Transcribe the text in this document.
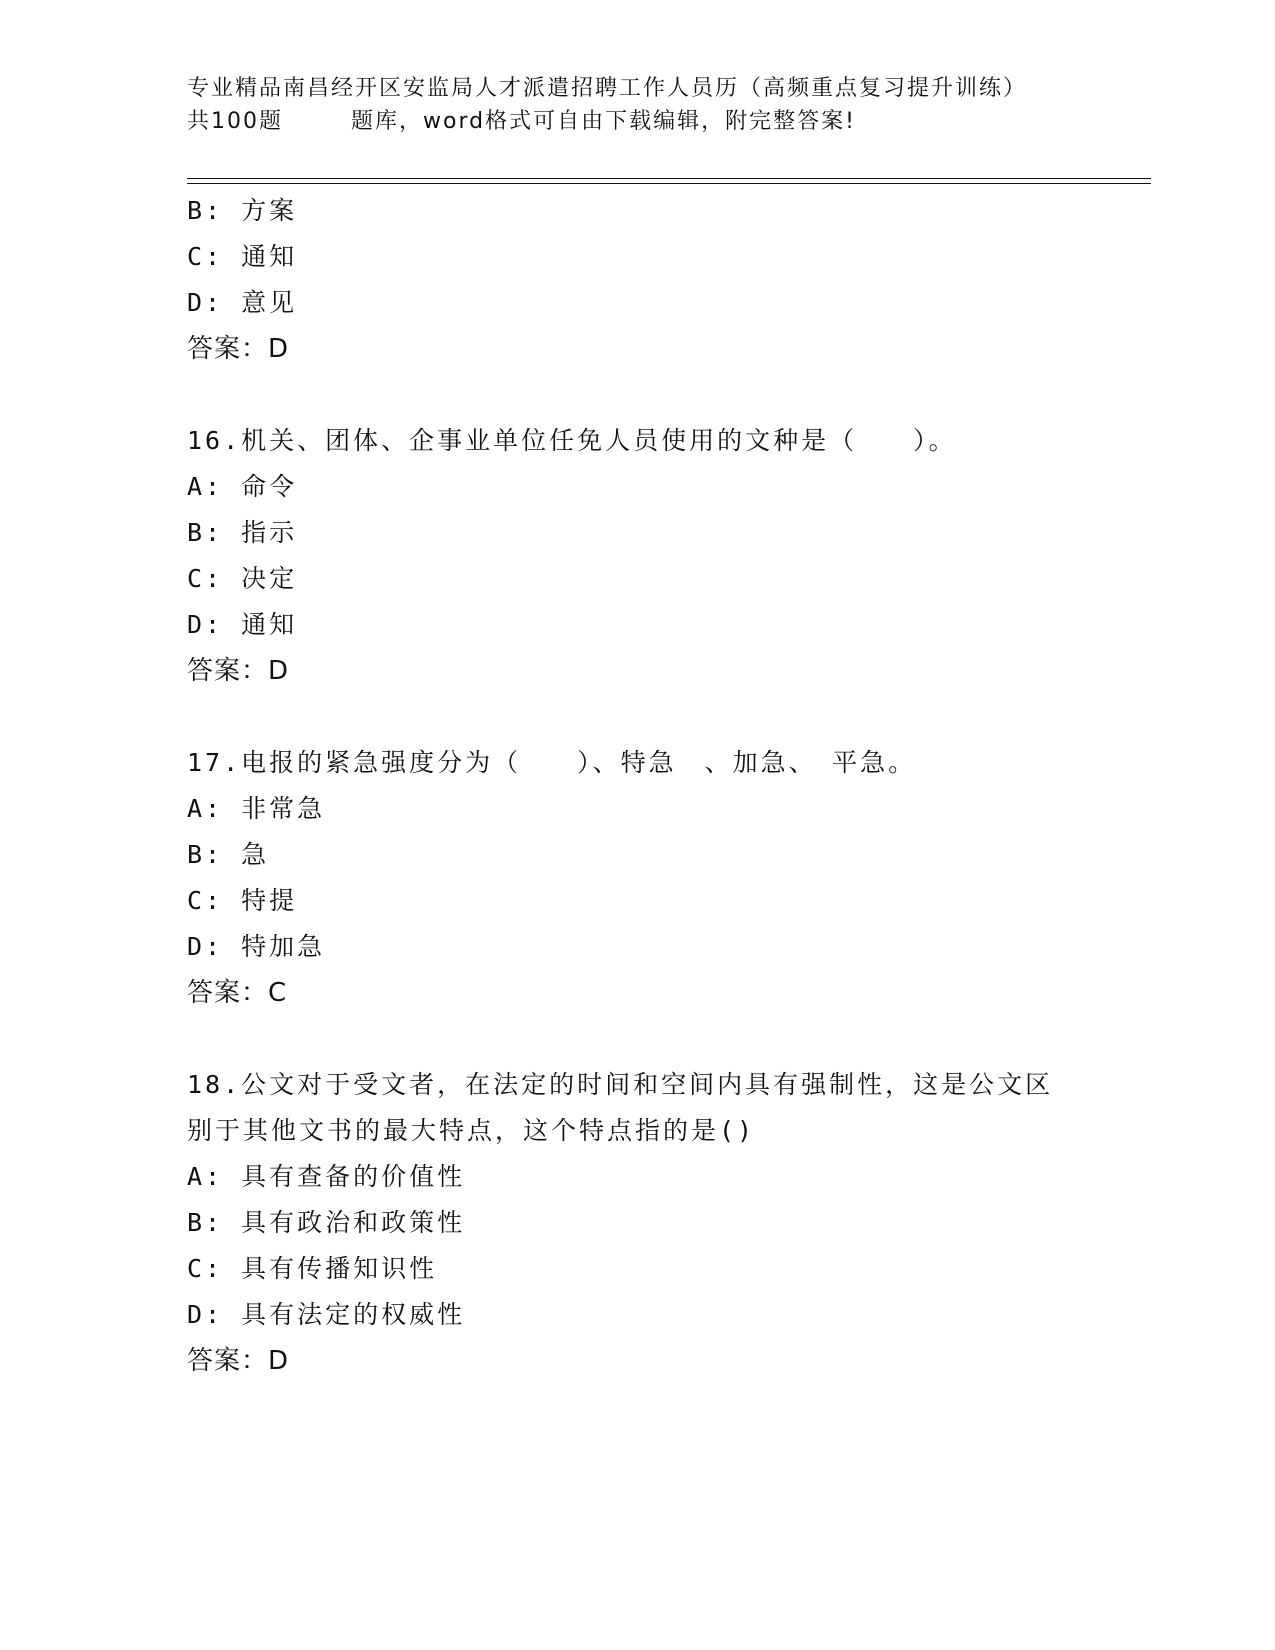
专业精品南昌经开区安监局人才派遣招聘工作人员历（高频重点复习提升训练）
共100题	题库，word格式可自由下载编辑，附完整答案!
B: 方案
C: 通知
D: 意见
答案：D
16.机关、团体、企事业单位任免人员使用的文种是（　　）。
A: 命令
B: 指示
C: 决定
D: 通知
答案：D
17.电报的紧急强度分为（　　）、特急　、加急、　平急。
A: 非常急
B: 急
C: 特提
D: 特加急
答案：C
18.公文对于受文者，在法定的时间和空间内具有强制性，这是公文区别于其他文书的最大特点，这个特点指的是()
A: 具有查备的价值性
B: 具有政治和政策性
C: 具有传播知识性
D: 具有法定的权威性
答案：D
